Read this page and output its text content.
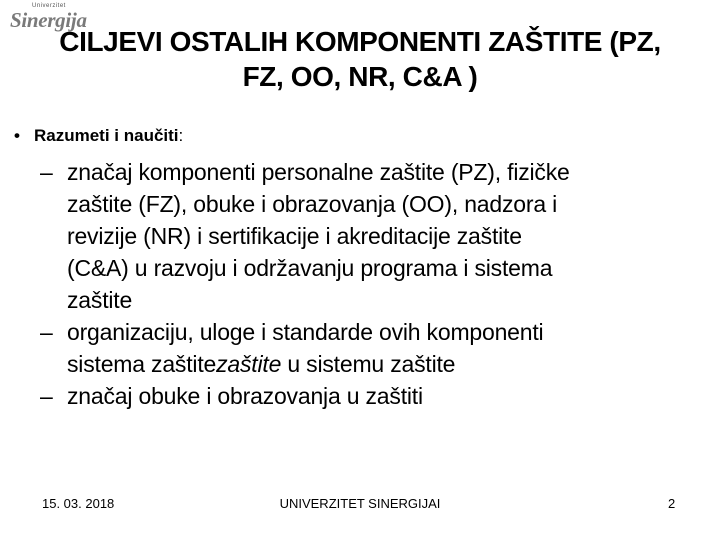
Univerzitet
Sinergija
CILJEVI OSTALIH KOMPONENTI ZAŠTITE (PZ,
FZ, OO, NR, C&A )
• Razumeti i naučiti:
– značaj komponenti personalne zaštite (PZ), fizičke
zaštite (FZ), obuke i obrazovanja (OO), nadzora i
revizije (NR) i sertifikacije i akreditacije zaštite
(C&A) u razvoju i održavanju programa i sistema
zaštite
– organizaciju, uloge i standarde ovih komponenti
sistema zaštitezaštite u sistemu zaštite
– značaj obuke i obrazovanja u zaštiti
15. 03. 2018	UNIVERZITET SINERGIJAI	2
